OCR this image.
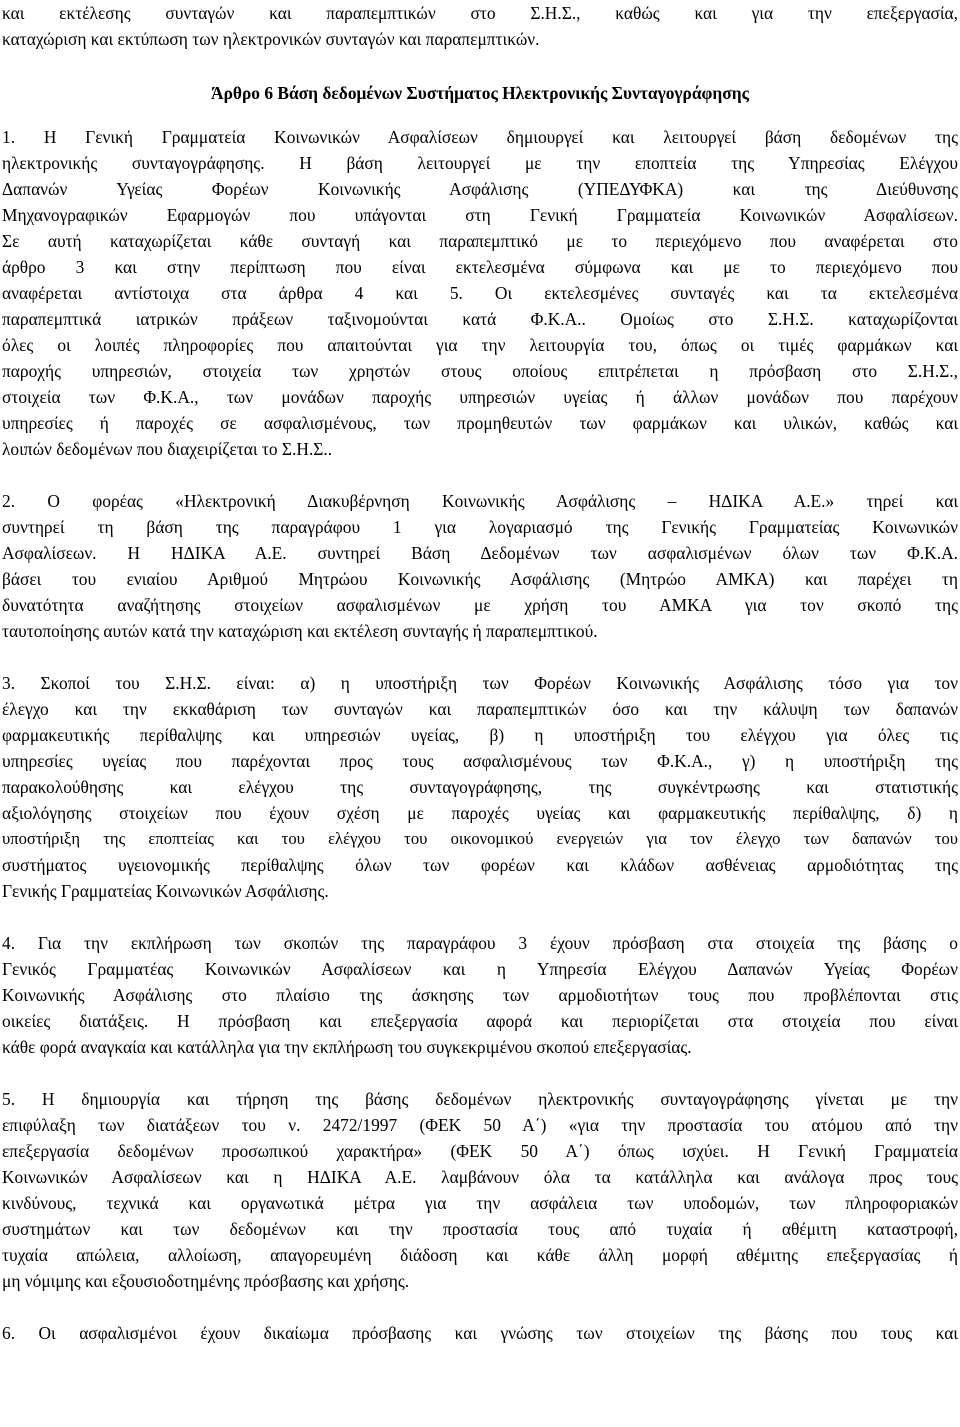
και εκτέλεσης συνταγών και παραπεμπτικών στο Σ.Η.Σ., καθώς και για την επεξεργασία,
καταχώριση και εκτύπωση των ηλεκτρονικών συνταγών και παραπεμπτικών.
Άρθρο 6 Βάση δεδομένων Συστήματος Ηλεκτρονικής Συνταγογράφησης
1. Η Γενική Γραμματεία Κοινωνικών Ασφαλίσεων δημιουργεί και λειτουργεί βάση δεδομένων της
ηλεκτρονικής συνταγογράφησης. Η βάση λειτουργεί με την εποπτεία της Υπηρεσίας Ελέγχου
Δαπανών Υγείας Φορέων Κοινωνικής Ασφάλισης (ΥΠΕΔΥΦΚΑ) και της Διεύθυνσης
Μηχανογραφικών Εφαρμογών που υπάγονται στη Γενική Γραμματεία Κοινωνικών Ασφαλίσεων.
Σε αυτή καταχωρίζεται κάθε συνταγή και παραπεμπτικό με το περιεχόμενο που αναφέρεται στο
άρθρο 3 και στην περίπτωση που είναι εκτελεσμένα σύμφωνα και με το περιεχόμενο που
αναφέρεται αντίστοιχα στα άρθρα 4 και 5. Οι εκτελεσμένες συνταγές και τα εκτελεσμένα
παραπεμπτικά ιατρικών πράξεων ταξινομούνται κατά Φ.Κ.Α.. Ομοίως στο Σ.Η.Σ. καταχωρίζονται
όλες οι λοιπές πληροφορίες που απαιτούνται για την λειτουργία του, όπως οι τιμές φαρμάκων και
παροχής υπηρεσιών, στοιχεία των χρηστών στους οποίους επιτρέπεται η πρόσβαση στο Σ.Η.Σ.,
στοιχεία των Φ.Κ.Α., των μονάδων παροχής υπηρεσιών υγείας ή άλλων μονάδων που παρέχουν
υπηρεσίες ή παροχές σε ασφαλισμένους, των προμηθευτών των φαρμάκων και υλικών, καθώς και
λοιπών δεδομένων που διαχειρίζεται το Σ.Η.Σ..
2. Ο φορέας «Ηλεκτρονική Διακυβέρνηση Κοινωνικής Ασφάλισης – ΗΔΙΚΑ Α.Ε.» τηρεί και
συντηρεί τη βάση της παραγράφου 1 για λογαριασμό της Γενικής Γραμματείας Κοινωνικών
Ασφαλίσεων. Η ΗΔΙΚΑ Α.Ε. συντηρεί Βάση Δεδομένων των ασφαλισμένων όλων των Φ.Κ.Α.
βάσει του ενιαίου Αριθμού Μητρώου Κοινωνικής Ασφάλισης (Μητρώο ΑΜΚΑ) και παρέχει τη
δυνατότητα αναζήτησης στοιχείων ασφαλισμένων με χρήση του ΑΜΚΑ για τον σκοπό της
ταυτοποίησης αυτών κατά την καταχώριση και εκτέλεση συνταγής ή παραπεμπτικού.
3. Σκοποί του Σ.Η.Σ. είναι: α) η υποστήριξη των Φορέων Κοινωνικής Ασφάλισης τόσο για τον
έλεγχο και την εκκαθάριση των συνταγών και παραπεμπτικών όσο και την κάλυψη των δαπανών
φαρμακευτικής περίθαλψης και υπηρεσιών υγείας, β) η υποστήριξη του ελέγχου για όλες τις
υπηρεσίες υγείας που παρέχονται προς τους ασφαλισμένους των Φ.Κ.Α., γ) η υποστήριξη της
παρακολούθησης και ελέγχου της συνταγογράφησης, της συγκέντρωσης και στατιστικής
αξιολόγησης στοιχείων που έχουν σχέση με παροχές υγείας και φαρμακευτικής περίθαλψης, δ) η
υποστήριξη της εποπτείας και του ελέγχου του οικονομικού ενεργειών για τον έλεγχο των δαπανών του
συστήματος υγειονομικής περίθαλψης όλων των φορέων και κλάδων ασθένειας αρμοδιότητας της
Γενικής Γραμματείας Κοινωνικών Ασφάλισης.
4. Για την εκπλήρωση των σκοπών της παραγράφου 3 έχουν πρόσβαση στα στοιχεία της βάσης ο
Γενικός Γραμματέας Κοινωνικών Ασφαλίσεων και η Υπηρεσία Ελέγχου Δαπανών Υγείας Φορέων
Κοινωνικής Ασφάλισης στο πλαίσιο της άσκησης των αρμοδιοτήτων τους που προβλέπονται στις
οικείες διατάξεις. Η πρόσβαση και επεξεργασία αφορά και περιορίζεται στα στοιχεία που είναι
κάθε φορά αναγκαία και κατάλληλα για την εκπλήρωση του συγκεκριμένου σκοπού επεξεργασίας.
5. Η δημιουργία και τήρηση της βάσης δεδομένων ηλεκτρονικής συνταγογράφησης γίνεται με την
επιφύλαξη των διατάξεων του ν. 2472/1997 (ΦΕΚ 50 Α΄) «για την προστασία του ατόμου από την
επεξεργασία δεδομένων προσωπικού χαρακτήρα» (ΦΕΚ 50 Α΄) όπως ισχύει. Η Γενική Γραμματεία
Κοινωνικών Ασφαλίσεων και η ΗΔΙΚΑ Α.Ε. λαμβάνουν όλα τα κατάλληλα και ανάλογα προς τους
κινδύνους, τεχνικά και οργανωτικά μέτρα για την ασφάλεια των υποδομών, των πληροφοριακών
συστημάτων και των δεδομένων και την προστασία τους από τυχαία ή αθέμιτη καταστροφή,
τυχαία απώλεια, αλλοίωση, απαγορευμένη διάδοση και κάθε άλλη μορφή αθέμιτης επεξεργασίας ή
μη νόμιμης και εξουσιοδοτημένης πρόσβασης και χρήσης.
6. Οι ασφαλισμένοι έχουν δικαίωμα πρόσβασης και γνώσης των στοιχείων της βάσης που τους και
